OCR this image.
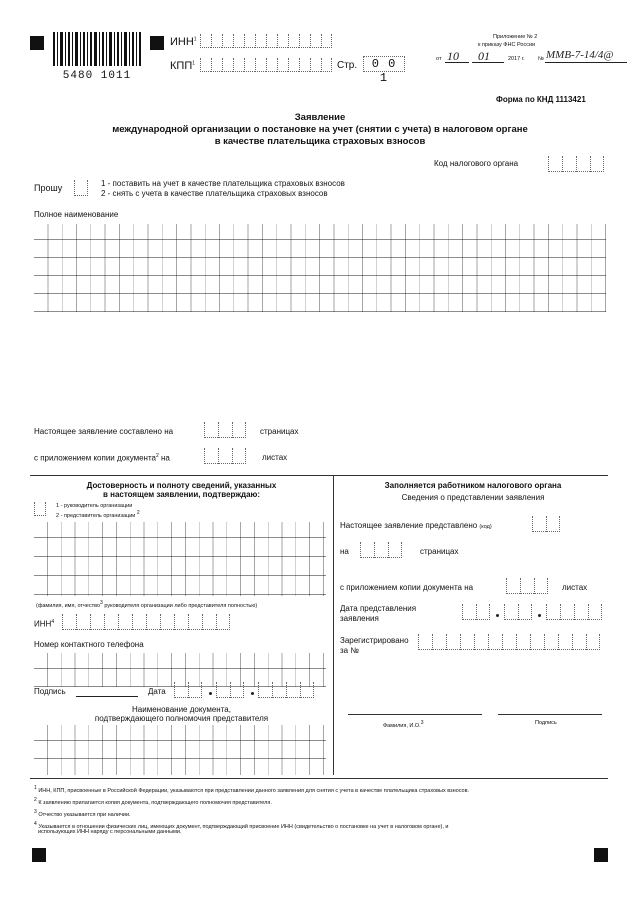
5480 1011
ИНН$^1$
КПП$^1$	Стр.	0 0 1
Приложение № 2
к приказу ФНС России
от 10 01	2017 г. № ММВ-7-14/4@
Форма по КНД 1113421
Заявление
международной организации о постановке на учет (снятии с учета) в налоговом органе
в качестве плательщика страховых взносов
Код налогового органа
Прошу	1 - поставить на учет в качестве плательщика страховых взносов
2 - снять с учета в качестве плательщика страховых взносов
Полное наименование
Настоящее заявление составлено на	страницах
с приложением копии документа$^2$ на	листах
Достоверность и полноту сведений, указанных
в настоящем заявлении, подтверждаю:
1 - руководитель организации
2 - представитель организации 2
(фамилия, имя, отчество3 руководителя организации либо представителя полностью)
ИНН$^4$
Номер контактного телефона
Подпись	Дата
Наименование документа,
подтверждающего полномочия представителя
Заполняется работником налогового органа
Сведения о представлении заявления
Настоящее заявление представлено (код)
на	страницах
с приложением копии документа на	листах
Дата представления
заявления
Зарегистрировано
за №
Фамилия, И.О.3	Подпись
1 ИНН, КПП, присвоенные в Российской Федерации, указываются при представлении данного заявления для снятия с учета в качестве плательщика страховых взносов.
2 К заявлению прилагается копия документа, подтверждающего полномочия представителя.
3 Отчество указывается при наличии.
4 Указывается в отношении физических лиц, имеющих документ, подтверждающий присвоение ИНН (свидетельство о постановке на учет в налоговом органе), и
использующих ИНН наряду с персональными данными.
